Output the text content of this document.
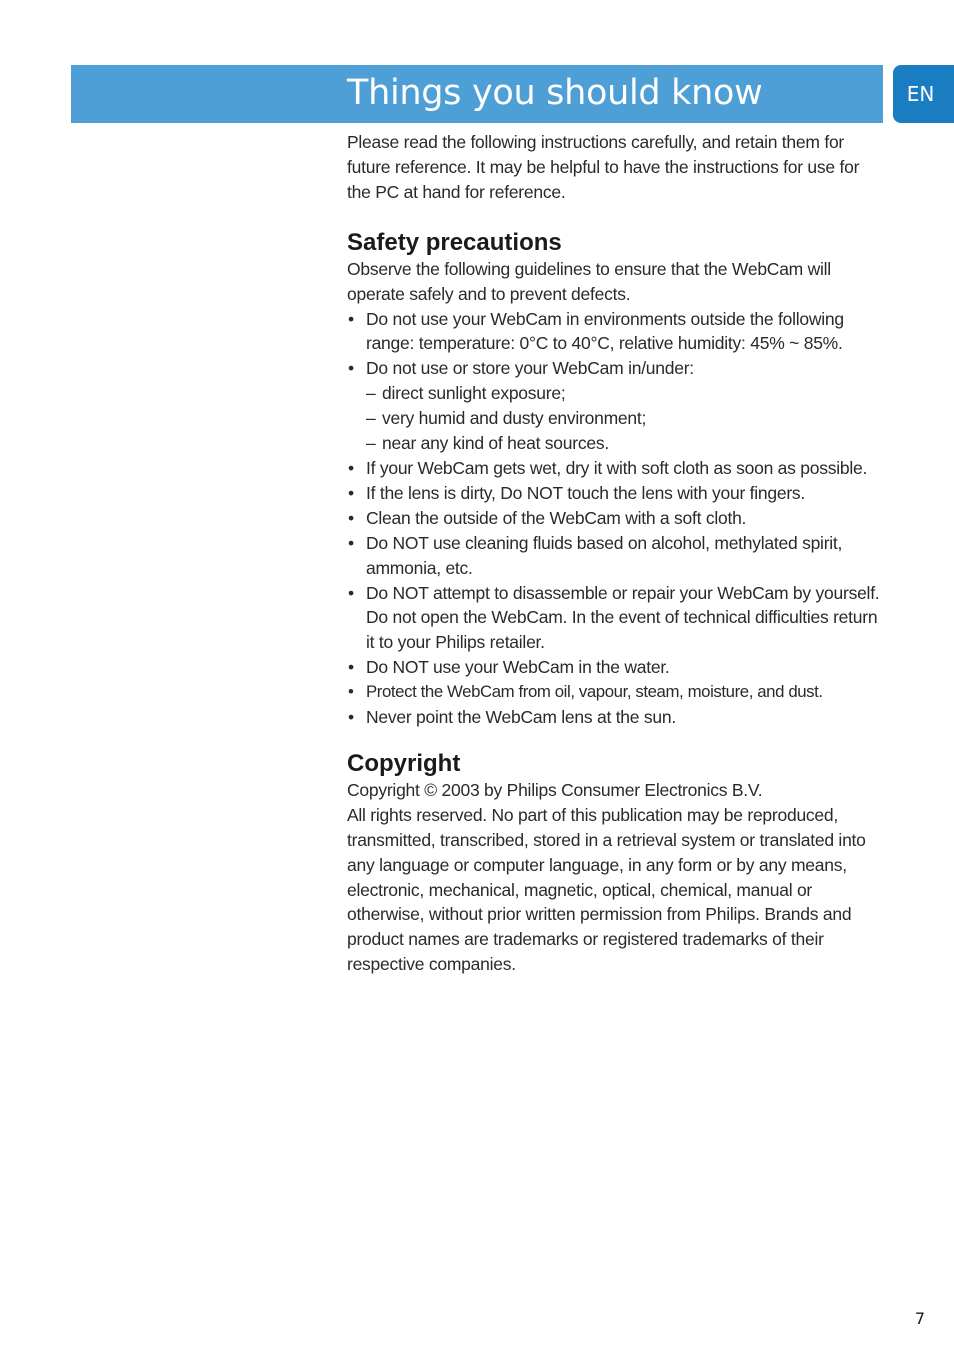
Things you should know	EN

Please read the following instructions carefully, and retain them for future reference. It may be helpful to have the instructions for use for the PC at hand for reference.

Safety precautions

Observe the following guidelines to ensure that the WebCam will operate safely and to prevent defects.

• Do not use your WebCam in environments outside the following range: temperature: 0°C to 40°C, relative humidity: 45% ~ 85%.
• Do not use or store your WebCam in/under:
– direct sunlight exposure;
– very humid and dusty environment;
– near any kind of heat sources.
• If your WebCam gets wet, dry it with soft cloth as soon as possible.
• If the lens is dirty, Do NOT touch the lens with your fingers.
• Clean the outside of the WebCam with a soft cloth.
• Do NOT use cleaning fluids based on alcohol, methylated spirit, ammonia, etc.
• Do NOT attempt to disassemble or repair your WebCam by yourself. Do not open the WebCam. In the event of technical difficulties return it to your Philips retailer.
• Do NOT use your WebCam in the water.
• Protect the WebCam from oil, vapour, steam, moisture, and dust.
• Never point the WebCam lens at the sun.
Copyright

Copyright © 2003 by Philips Consumer Electronics B.V.

All rights reserved. No part of this publication may be reproduced, transmitted, transcribed, stored in a retrieval system or translated into any language or computer language, in any form or by any means, electronic, mechanical, magnetic, optical, chemical, manual or otherwise, without prior written permission from Philips. Brands and product names are trademarks or registered trademarks of their respective companies.

7
